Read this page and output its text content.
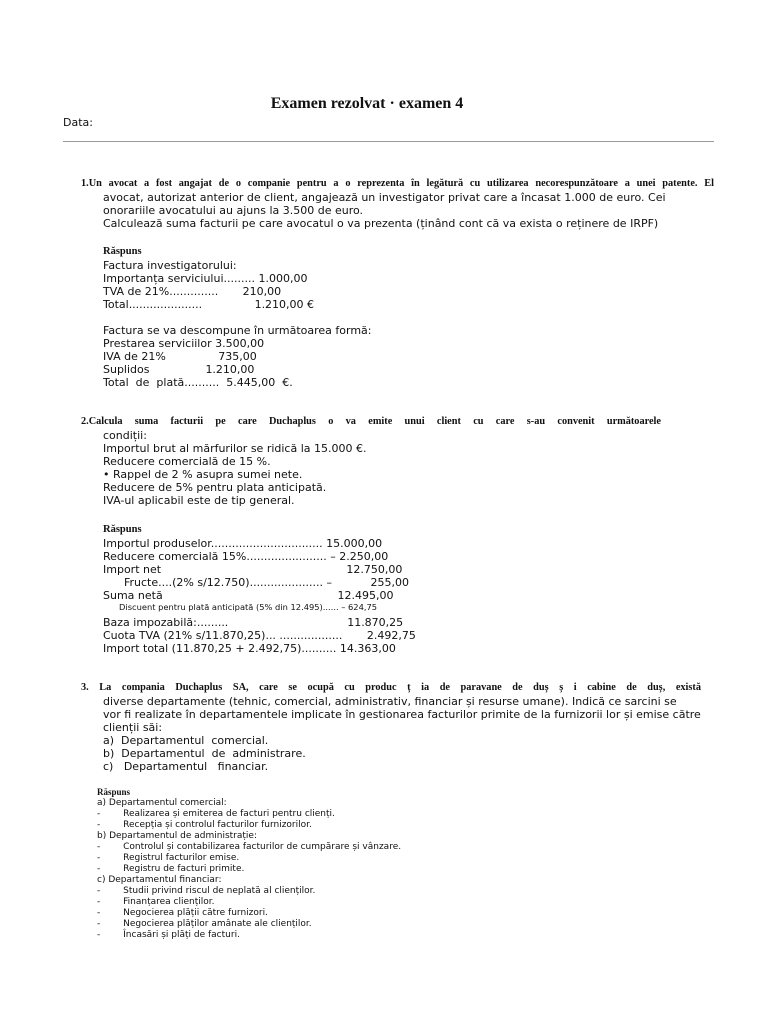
Examen rezolvat · examen 4
Data:
1.Un avocat a fost angajat de o companie pentru a o reprezenta în legătură cu utilizarea necorespunzătoare a unei patente. El
avocat, autorizat anterior de client, angajează un investigator privat care a încasat 1.000 de euro. Cei
onorariile avocatului au ajuns la 3.500 de euro.
Calculează suma facturii pe care avocatul o va prezenta (ținând cont că va exista o reținere de IRPF)
Răspuns
Factura investigatorului:
Importanța serviciului......... 1.000,00
TVA de 21%..............       210,00
Total.....................               1.210,00 €
Factura se va descompune în următoarea formă:
Prestarea serviciilor 3.500,00
IVA de 21%               735,00
Suplidos                1.210,00
Total  de  plată..........  5.445,00  €.
2.Calcula suma facturii pe care Duchaplus o va emite unui client cu care s-au convenit următoarele
condiții:
Importul brut al mărfurilor se ridică la 15.000 €.
Reducere comercială de 15 %.
• Rappel de 2 % asupra sumei nete.
Reducere de 5% pentru plata anticipată.
IVA-ul aplicabil este de tip general.
Răspuns
Importul produselor................................ 15.000,00
Reducere comercială 15%....................... – 2.250,00
Import net                                                     12.750,00
Fructe....(2% s/12.750)..................... –           255,00
Suma netă                                                  12.495,00
Discuent pentru plată anticipată (5% din 12.495)...... – 624,75
Baza impozabilă:.........                                  11.870,25
Cuota TVA (21% s/11.870,25)... ..................       2.492,75
Import total (11.870,25 + 2.492,75).......... 14.363,00
3. La compania Duchaplus SA, care se ocupă cu produc ț ia de paravane de duș ș i cabine de duș, există
diverse departamente (tehnic, comercial, administrativ, financiar și resurse umane). Indică ce sarcini se
vor fi realizate în departamentele implicate în gestionarea facturilor primite de la furnizorii lor și emise către
clienții săi:
a)  Departamentul  comercial.
b)  Departamentul  de  administrare.
c)   Departamentul   financiar.
Răspuns
a) Departamentul comercial:
-        Realizarea și emiterea de facturi pentru clienți.
-        Recepția și controlul facturilor furnizorilor.
b) Departamentul de administrație:
-        Controlul și contabilizarea facturilor de cumpărare și vânzare.
-        Registrul facturilor emise.
-        Registru de facturi primite.
c) Departamentul financiar:
-        Studii privind riscul de neplată al clienților.
-        Finanțarea clienților.
-        Negocierea plății către furnizori.
-        Negocierea plăților amânate ale clienților.
-        Încasări și plăți de facturi.
